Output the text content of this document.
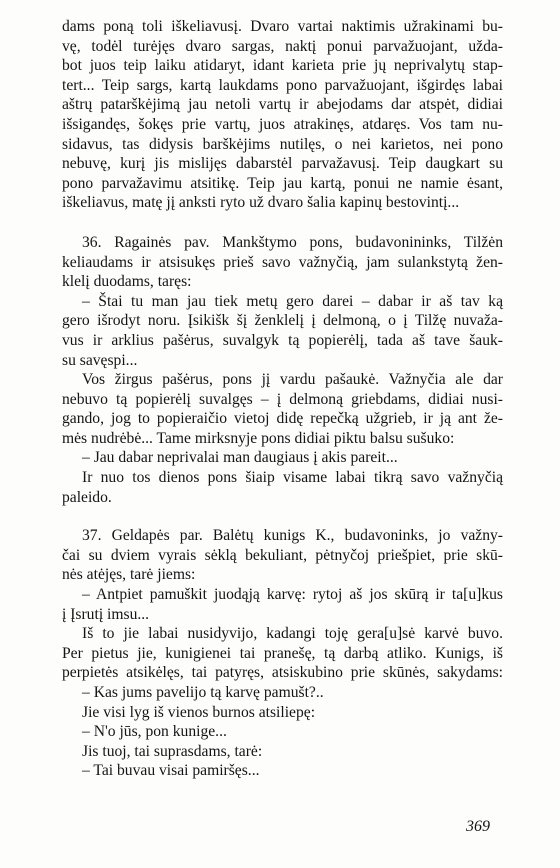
dams poną toli iškeliavusį. Dvaro vartai naktimis užrakinami bu-
vę, todėl turėjęs dvaro sargas, naktį ponui parvažuojant, užda-
bot juos teip laiku atidaryt, idant karieta prie jų neprivalytų stap-
tert... Teip sargs, kartą laukdams pono parvažuojant, išgirdęs labai
aštrų patarškėjimą jau netoli vartų ir abejodams dar atspėt, didiai
išsigandęs, šokęs prie vartų, juos atrakinęs, atdaręs. Vos tam nu-
sidavus, tas didysis barškėjims nutilęs, o nei karietos, nei pono
nebuvę, kurį jis mislijęs dabarstėl parvažavusį. Teip daugkart su
pono parvažavimu atsitikę. Teip jau kartą, ponui ne namie ėsant,
iškeliavus, matę jį anksti ryto už dvaro šalia kapinų bestovintį...
36. Ragainės pav. Mankštymo pons, budavonininks, Tilžėn
keliaudams ir atsisukęs prieš savo važnyčią, jam sulankstytą žen-
klelį duodams, taręs:
– Štai tu man jau tiek metų gero darei – dabar ir aš tav ką
gero išrodyt noru. Įsikišk šį ženklelį į delmoną, o į Tilžę nuvaža-
vus ir arklius pašėrus, suvalgyk tą popierėlį, tada aš tave šauk-
su savęspi...
Vos žirgus pašėrus, pons jį vardu pašaukė. Važnyčia ale dar
nebuvo tą popierėlį suvalgęs – į delmoną griebdams, didiai nusi-
gando, jog to popieraičio vietoj didę repečką užgrieb, ir ją ant že-
mės nudrėbė... Tame mirksnyje pons didiai piktu balsu sušuko:
– Jau dabar neprivalai man daugiaus į akis pareit...
Ir nuo tos dienos pons šiaip visame labai tikrą savo važnyčią
paleido.
37. Geldapės par. Balėtų kunigs K., budavoninks, jo važny-
čai su dviem vyrais sėklą bekuliant, pėtnyčoj priešpiet, prie skū-
nės atėjęs, tarė jiems:
– Antpiet pamuškit juodąją karvę: rytoj aš jos skūrą ir ta[u]kus
į Įsrutį imsu...
Iš to jie labai nusidyvijo, kadangi toję gera[u]sė karvė buvo.
Per pietus jie, kunigienei tai pranešę, tą darbą atliko. Kunigs, iš
perpietės atsikėlęs, tai patyręs, atsiskubino prie skūnės, sakydams:
– Kas jums pavelijo tą karvę pamušt?..
Jie visi lyg iš vienos burnos atsiliepę:
– N'o jūs, pon kunige...
Jis tuoj, tai suprasdams, tarė:
– Tai buvau visai pamiršęs...
369
